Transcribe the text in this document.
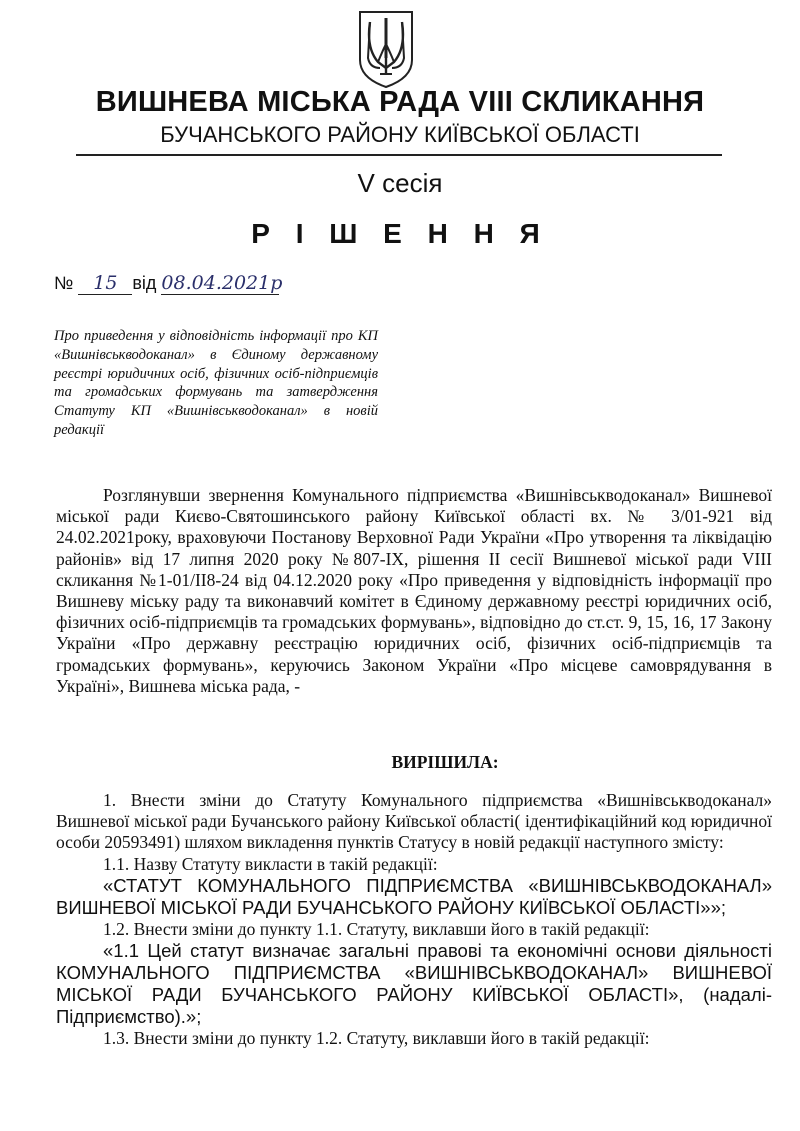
ВИШНЕВА МІСЬКА РАДА VIII СКЛИКАННЯ
БУЧАНСЬКОГО РАЙОНУ КИЇВСЬКОЇ ОБЛАСТІ
V сесія
Р І Ш Е Н Н Я
№ 15 від 08.04.2021р
Про приведення у відповідність інформації про КП «Вишнівськводоканал» в Єдиному державному реєстрі юридичних осіб, фізичних осіб-підприємців та громадських формувань та затвердження Статуту КП «Вишнівськводоканал» в новій редакції

Розглянувши звернення Комунального підприємства «Вишнівськводоканал» Вишневої міської ради Києво-Святошинського району Київської області вх. № 3/01-921 від 24.02.2021року, враховуючи Постанову Верховної Ради України «Про утворення та ліквідацію районів» від 17 липня 2020 року №807-IX, рішення ІІ сесії Вишневої міської ради VIII скликання №1-01/ІІ8-24 від 04.12.2020 року «Про приведення у відповідність інформації про Вишневу міську раду та виконавчий комітет в Єдиному державному реєстрі юридичних осіб, фізичних осіб-підприємців та громадських формувань», відповідно до ст.ст. 9, 15, 16, 17 Закону України «Про державну реєстрацію юридичних осіб, фізичних осіб-підприємців та громадських формувань», керуючись Законом України «Про місцеве самоврядування в Україні», Вишнева міська рада, -

ВИРІШИЛА:

1. Внести зміни до Статуту Комунального підприємства «Вишнівськводоканал» Вишневої міської ради Бучанського району Київської області( ідентифікаційний код юридичної особи 20593491) шляхом викладення пунктів Статусу в новій редакції наступного змісту:

1.1. Назву Статуту викласти в такій редакції:

«СТАТУТ КОМУНАЛЬНОГО ПІДПРИЄМСТВА «ВИШНІВСЬКВОДОКАНАЛ» ВИШНЕВОЇ МІСЬКОЇ РАДИ БУЧАНСЬКОГО РАЙОНУ КИЇВСЬКОЇ ОБЛАСТІ»»;

1.2. Внести зміни до пункту 1.1. Статуту, виклавши його в такій редакції:

«1.1 Цей статут визначає загальні правові та економічні основи діяльності КОМУНАЛЬНОГО ПІДПРИЄМСТВА «ВИШНІВСЬКВОДОКАНАЛ» ВИШНЕВОЇ МІСЬКОЇ РАДИ БУЧАНСЬКОГО РАЙОНУ КИЇВСЬКОЇ ОБЛАСТІ», (надалі-Підприємство).»;

1.3. Внести зміни до пункту 1.2. Статуту, виклавши його в такій редакції:
